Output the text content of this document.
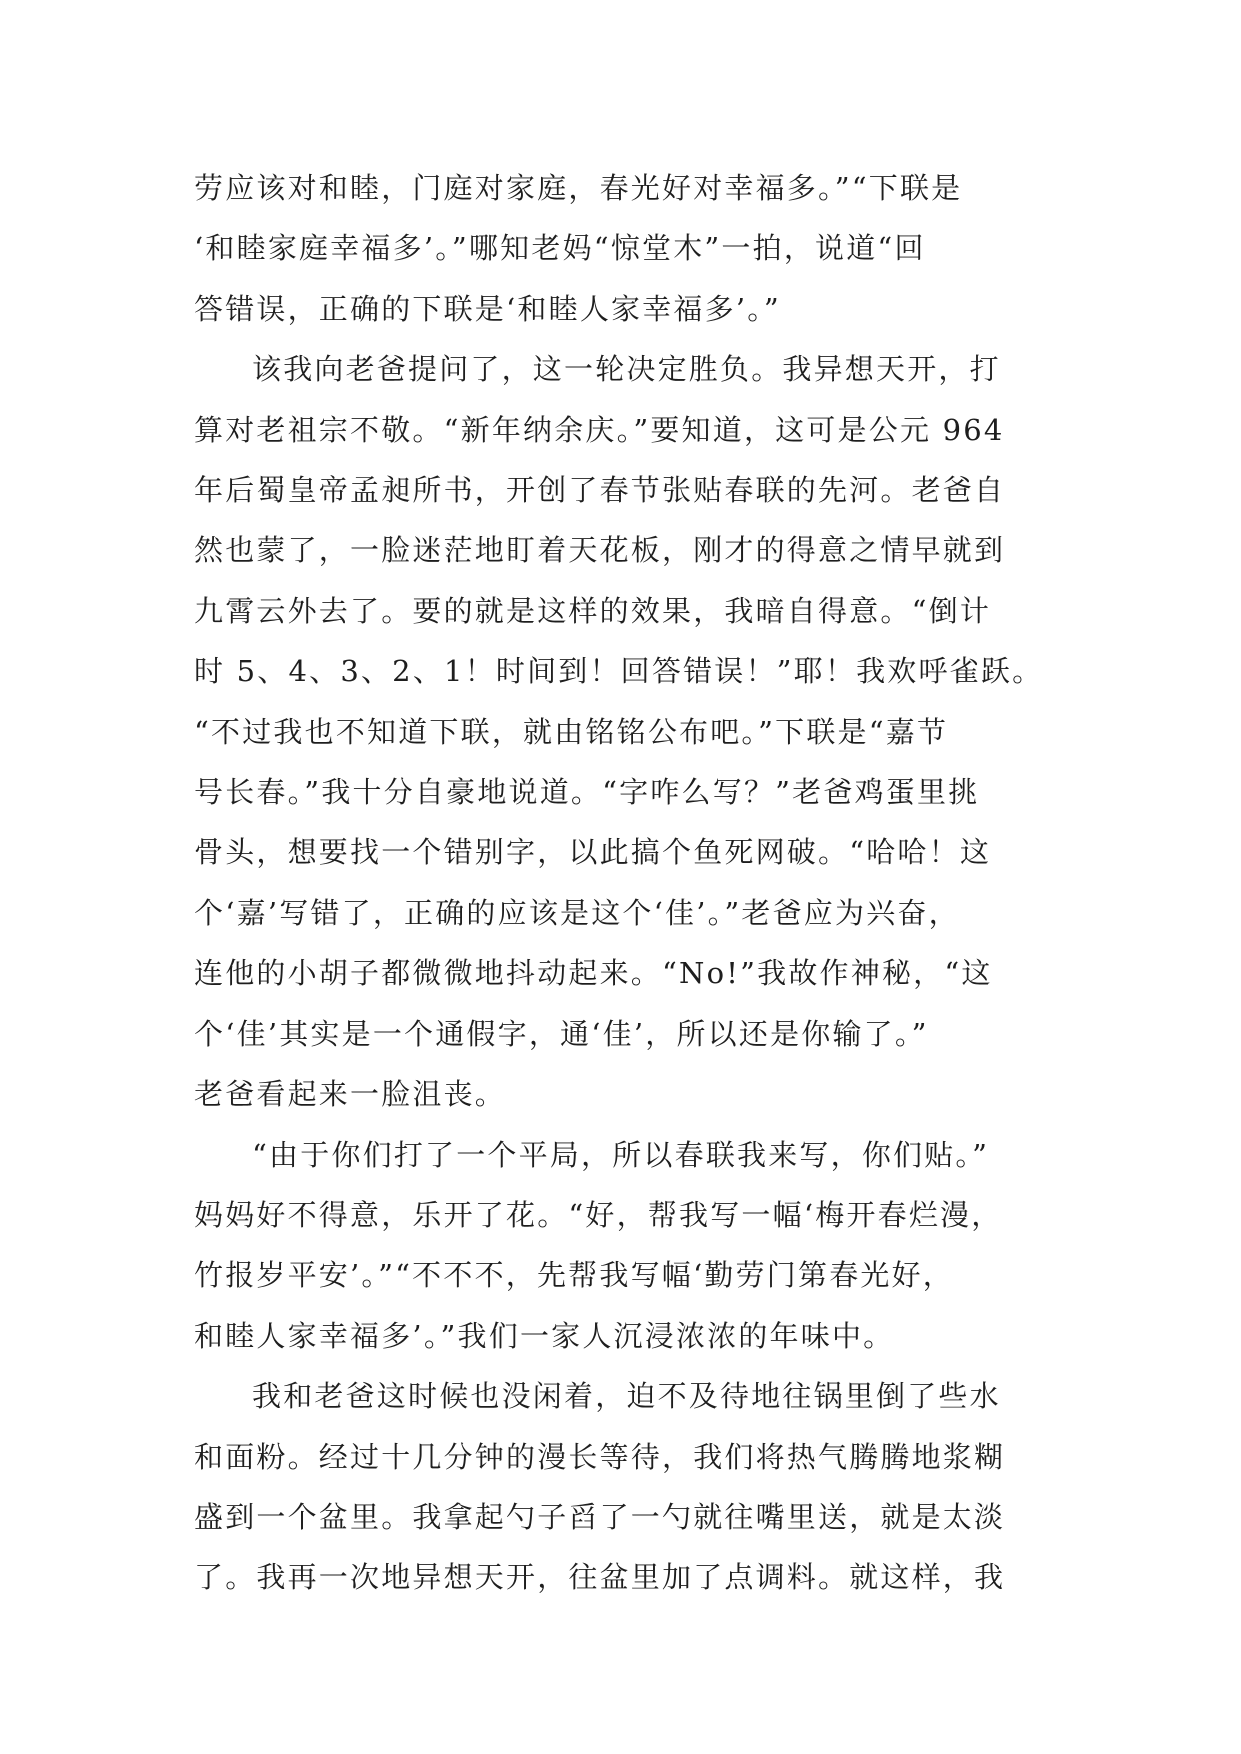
劳应该对和睦，门庭对家庭，春光好对幸福多。”“下联是
‘和睦家庭幸福多’。”哪知老妈“惊堂木”一拍，说道“回
答错误，正确的下联是‘和睦人家幸福多’。”

该我向老爸提问了，这一轮决定胜负。我异想天开，打
算对老祖宗不敬。“新年纳余庆。”要知道，这可是公元 964
年后蜀皇帝孟昶所书，开创了春节张贴春联的先河。老爸自
然也蒙了，一脸迷茫地盯着天花板，刚才的得意之情早就到
九霄云外去了。要的就是这样的效果，我暗自得意。“倒计
时 5、4、3、2、1！时间到！回答错误！”耶！我欢呼雀跃。
“不过我也不知道下联，就由铭铭公布吧。”下联是“嘉节
号长春。”我十分自豪地说道。“字咋么写？”老爸鸡蛋里挑
骨头，想要找一个错别字，以此搞个鱼死网破。“哈哈！这
个‘嘉’写错了，正确的应该是这个‘佳’。”老爸应为兴奋，
连他的小胡子都微微地抖动起来。“No!”我故作神秘，“这
个‘佳’其实是一个通假字，通‘佳’，所以还是你输了。”
老爸看起来一脸沮丧。

“由于你们打了一个平局，所以春联我来写，你们贴。”
妈妈好不得意，乐开了花。“好，帮我写一幅‘梅开春烂漫，
竹报岁平安’。”“不不不，先帮我写幅‘勤劳门第春光好，
和睦人家幸福多’。”我们一家人沉浸浓浓的年味中。

我和老爸这时候也没闲着，迫不及待地往锅里倒了些水
和面粉。经过十几分钟的漫长等待，我们将热气腾腾地浆糊
盛到一个盆里。我拿起勺子舀了一勺就往嘴里送，就是太淡
了。我再一次地异想天开，往盆里加了点调料。就这样，我
